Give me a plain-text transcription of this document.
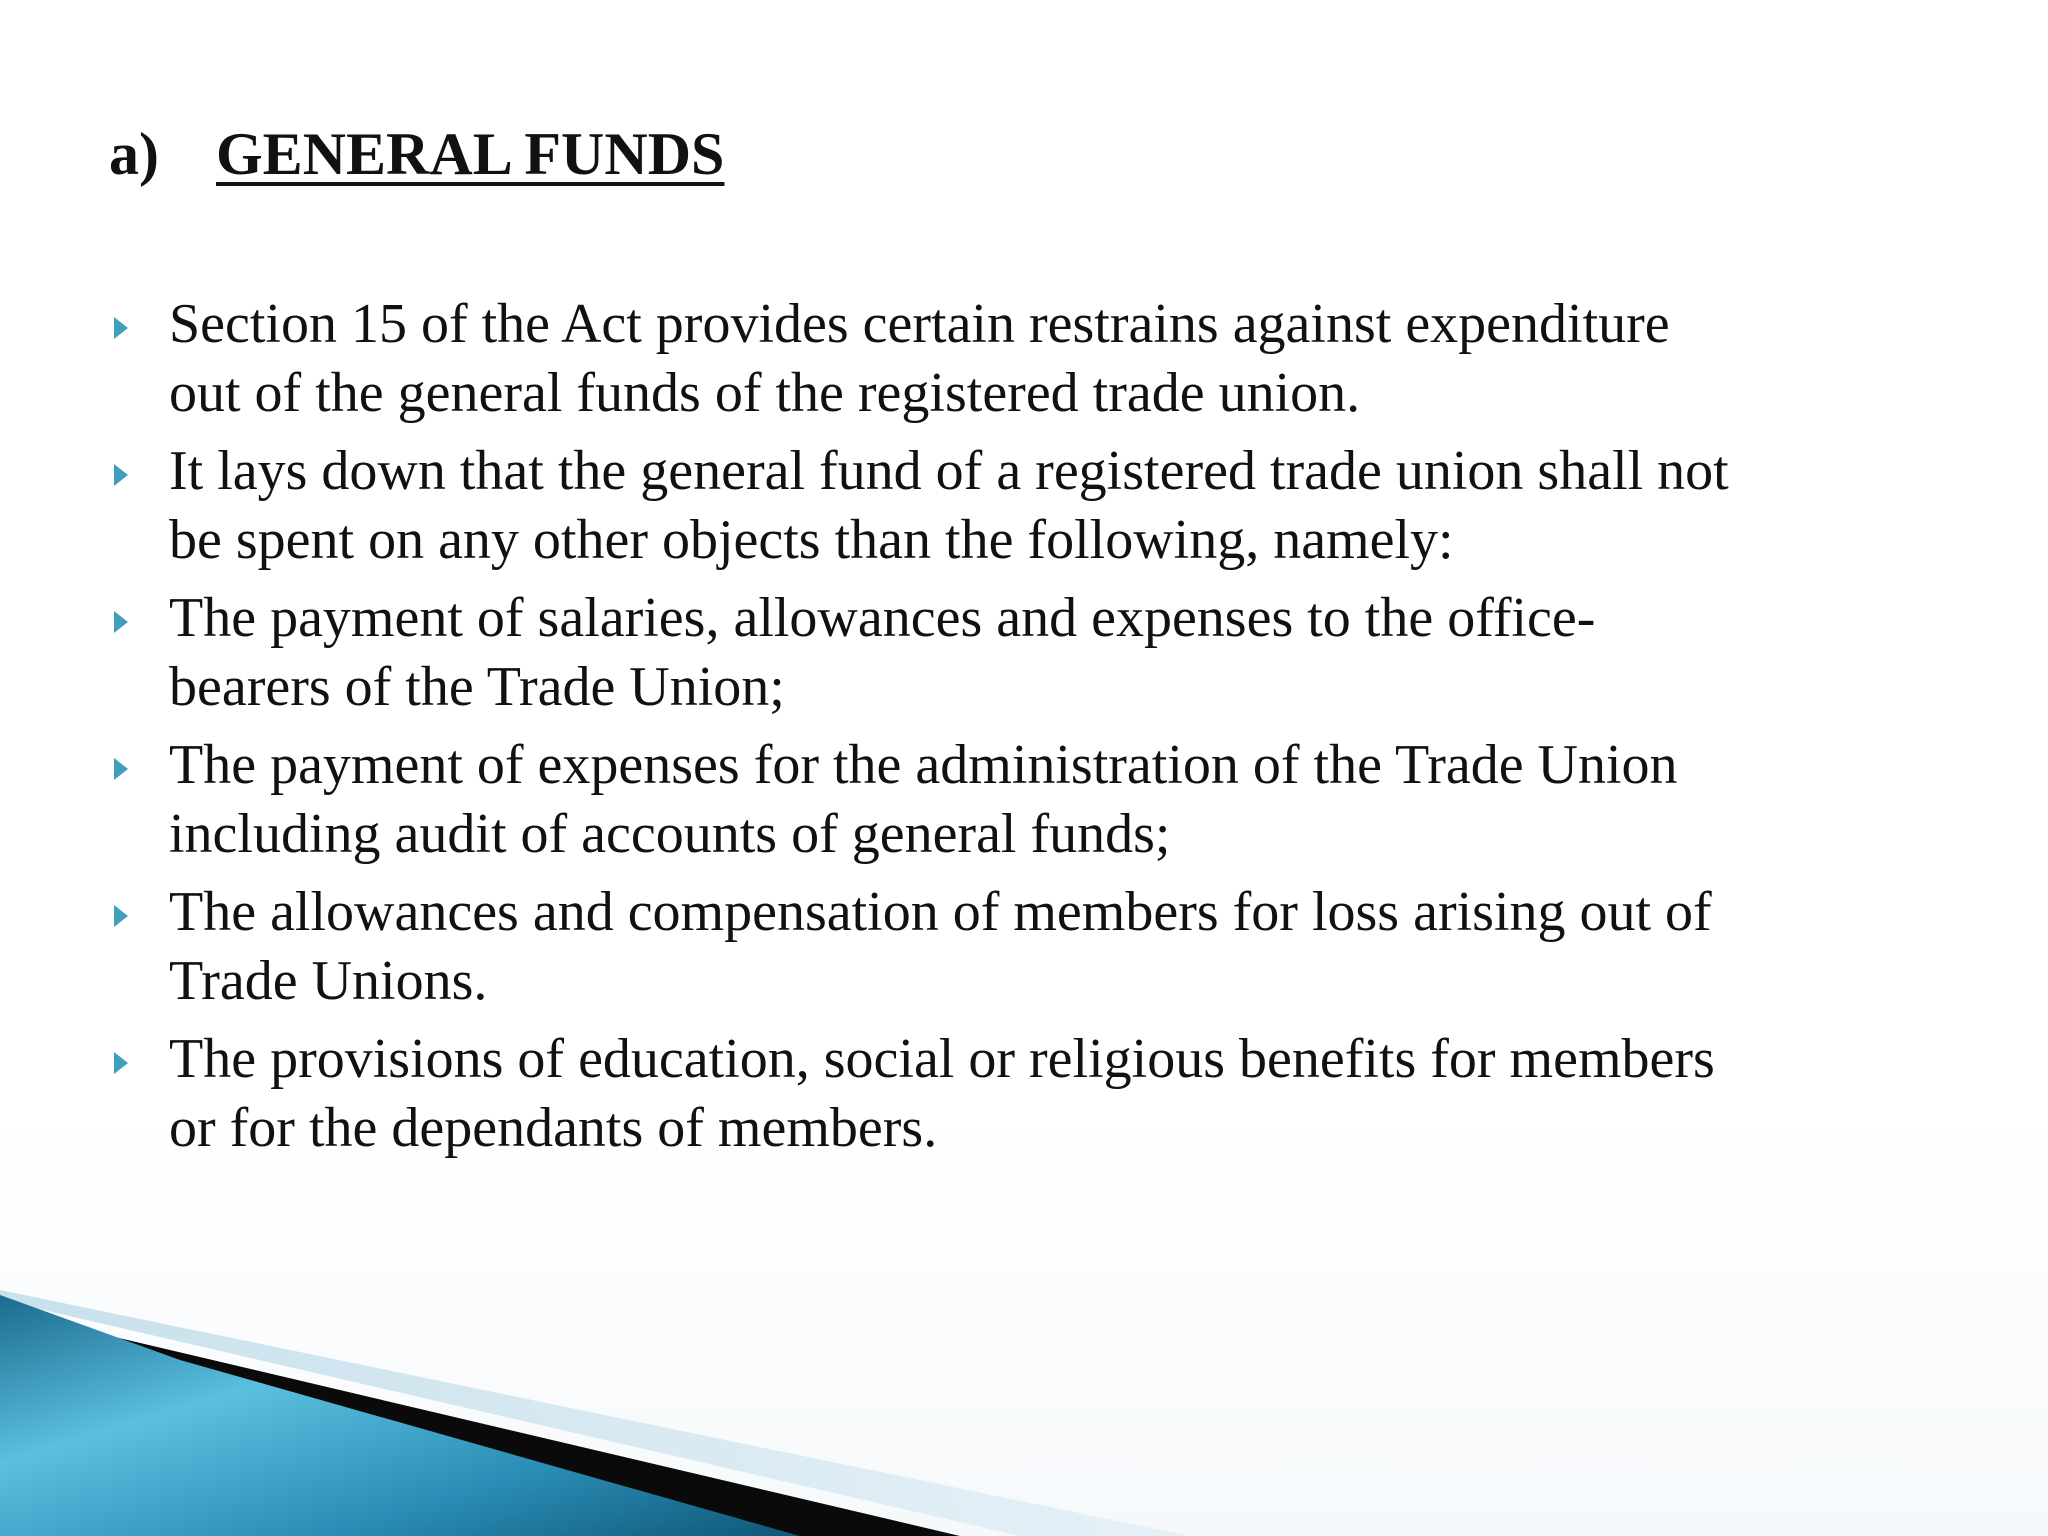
a) GENERAL FUNDS
Section 15 of the Act provides certain restrains against expenditure
out of the general funds of the registered trade union.
It lays down that the general fund of a registered trade union shall not
be spent on any other objects than the following, namely:
The payment of salaries, allowances and expenses to the office-
bearers of the Trade Union;
The payment of expenses for the administration of the Trade Union
including audit of accounts of general funds;
The allowances and compensation of members for loss arising out of
Trade Unions.
The provisions of education, social or religious benefits for members
or for the dependants of members.
